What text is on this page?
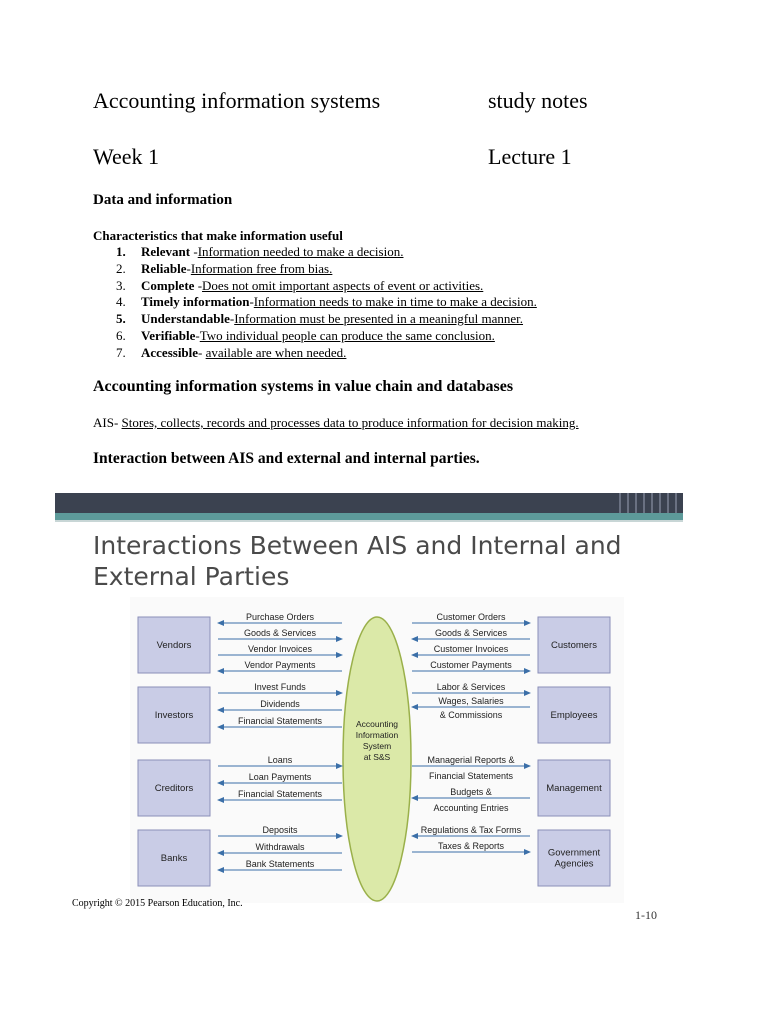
Accounting information systems	study notes
Week 1	Lecture 1
Data and information
Characteristics that make information useful
1.	Relevant -Information needed to make a decision.
2.	Reliable-Information free from bias.
3.	Complete -Does not omit important aspects of event or activities.
4.	Timely information-Information needs to make in time to make a decision.
5.	Understandable-Information must be presented in a meaningful manner.
6.	Verifiable-Two individual people can produce the same conclusion.
7.	Accessible- available are when needed.
Accounting information systems in value chain and databases
AIS- Stores, collects, records and processes data to produce information for decision making.
Interaction between AIS and external and internal parties.
Interactions Between AIS and Internal and External Parties
Accounting
Information
System
at S&S
Vendors
Investors
Creditors
Banks
Customers
Employees
Management
Government
Agencies
Purchase Orders
Goods & Services
Vendor Invoices
Vendor Payments
Invest Funds
Dividends
Financial Statements
Loans
Loan Payments
Financial Statements
Deposits
Withdrawals
Bank Statements
Customer Orders
Goods & Services
Customer Invoices
Customer Payments
Labor & Services
Wages, Salaries
& Commissions
Managerial Reports &
Financial Statements
Budgets &
Accounting Entries
Regulations & Tax Forms
Taxes & Reports
Copyright © 2015 Pearson Education, Inc.
1-10
